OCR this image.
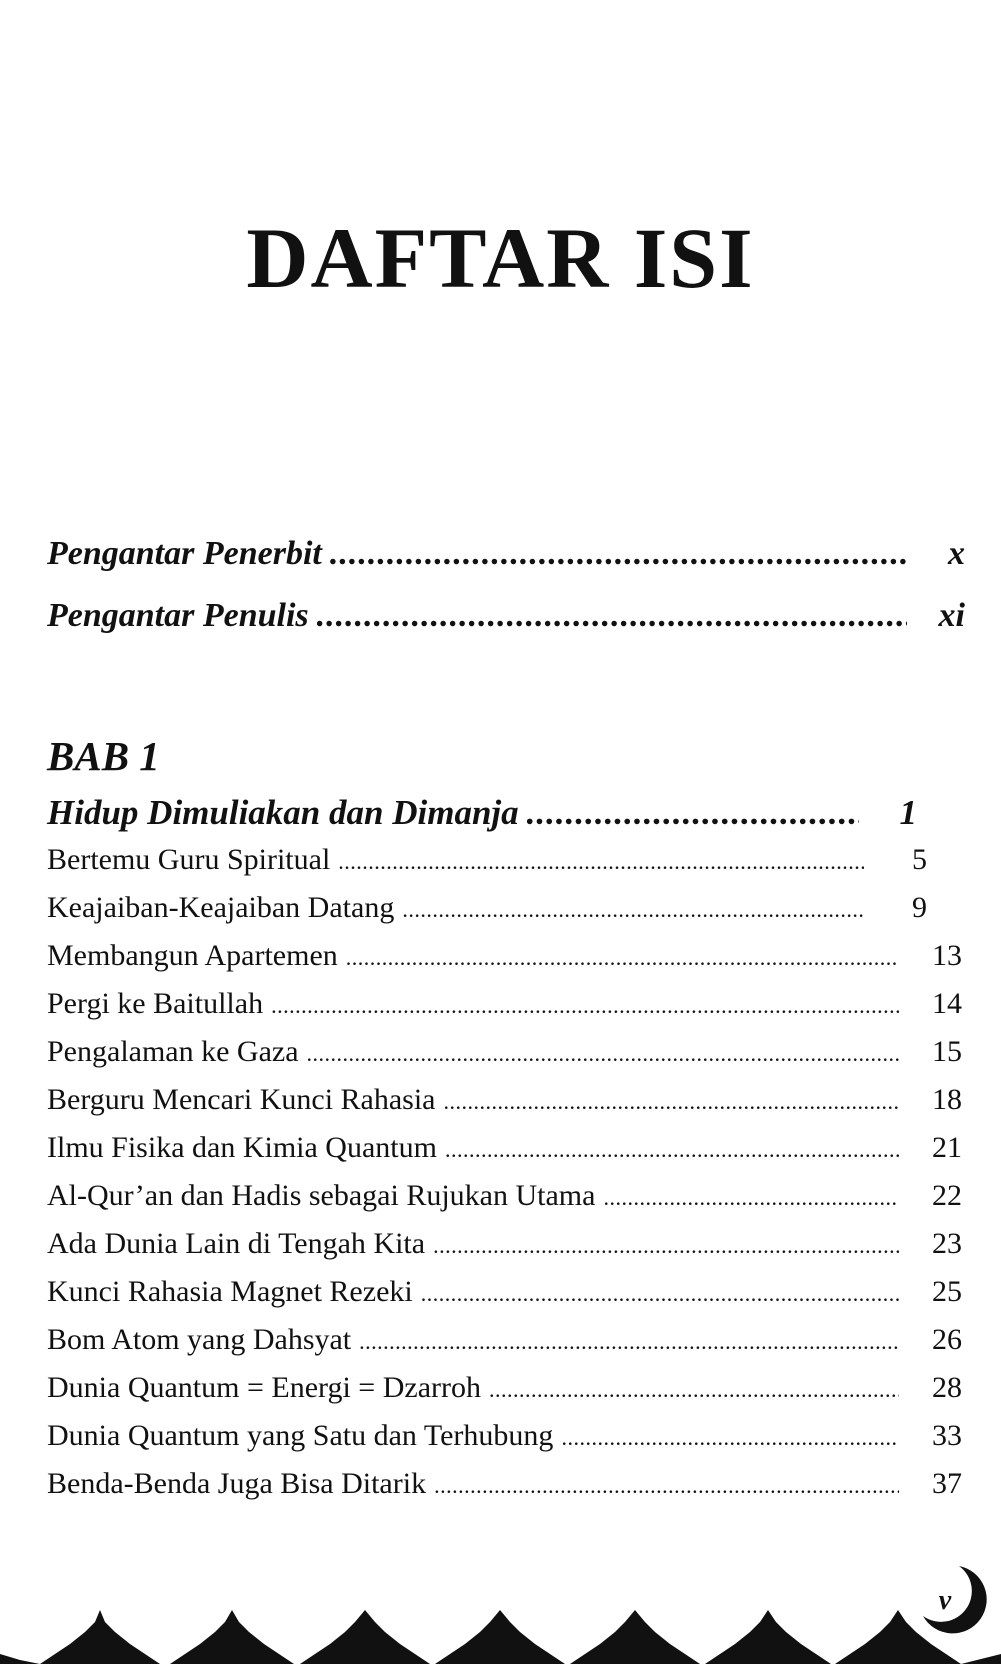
DAFTAR ISI
Pengantar Penerbit .....	x
Pengantar Penulis .....	xi
BAB 1
Hidup Dimuliakan dan Dimanja .....	1
Bertemu Guru Spiritual .....	5
Keajaiban-Keajaiban Datang .....	9
Membangun Apartemen .....	13
Pergi ke Baitullah .....	14
Pengalaman ke Gaza .....	15
Berguru Mencari Kunci Rahasia .....	18
Ilmu Fisika dan Kimia Quantum .....	21
Al-Qur’an dan Hadis sebagai Rujukan Utama .....	22
Ada Dunia Lain di Tengah Kita .....	23
Kunci Rahasia Magnet Rezeki .....	25
Bom Atom yang Dahsyat .....	26
Dunia Quantum = Energi = Dzarroh .....	28
Dunia Quantum yang Satu dan Terhubung .....	33
Benda-Benda Juga Bisa Ditarik .....	37
v
